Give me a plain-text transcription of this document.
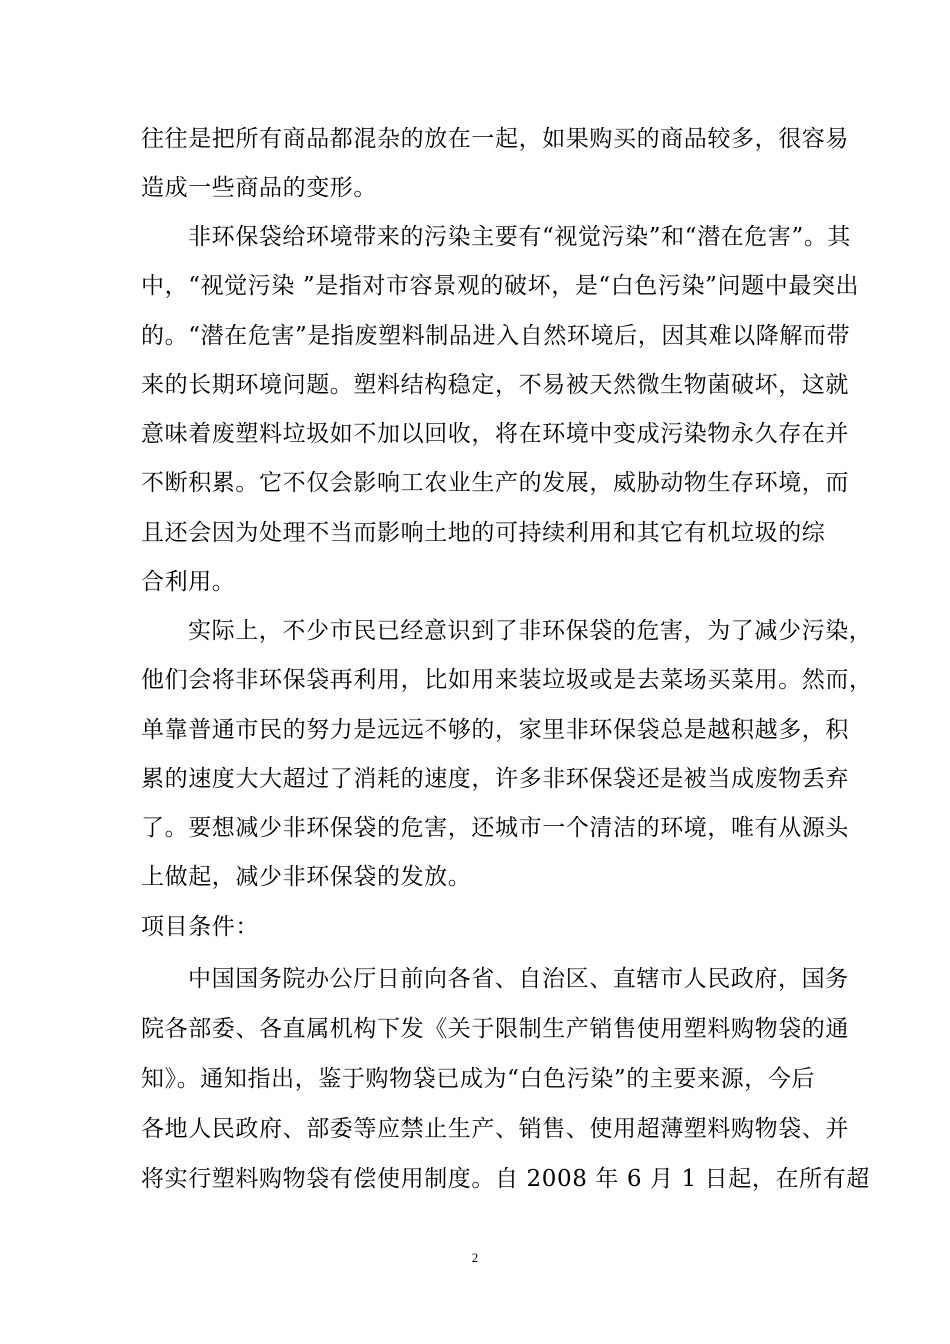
往往是把所有商品都混杂的放在一起，如果购买的商品较多，很容易
造成一些商品的变形。
非环保袋给环境带来的污染主要有“视觉污染”和“潜在危害”。其
中，“视觉污染 ”是指对市容景观的破坏，是“白色污染”问题中最突出
的。“潜在危害”是指废塑料制品进入自然环境后，因其难以降解而带
来的长期环境问题。塑料结构稳定，不易被天然微生物菌破坏，这就
意味着废塑料垃圾如不加以回收，将在环境中变成污染物永久存在并
不断积累。它不仅会影响工农业生产的发展，威胁动物生存环境，而
且还会因为处理不当而影响土地的可持续利用和其它有机垃圾的综
合利用。
实际上，不少市民已经意识到了非环保袋的危害，为了减少污染，
他们会将非环保袋再利用，比如用来装垃圾或是去菜场买菜用。然而，
单靠普通市民的努力是远远不够的，家里非环保袋总是越积越多，积
累的速度大大超过了消耗的速度，许多非环保袋还是被当成废物丢弃
了。要想减少非环保袋的危害，还城市一个清洁的环境，唯有从源头
上做起，减少非环保袋的发放。
项目条件：
中国国务院办公厅日前向各省、自治区、直辖市人民政府，国务
院各部委、各直属机构下发《关于限制生产销售使用塑料购物袋的通
知》。通知指出，鉴于购物袋已成为“白色污染”的主要来源，今后
各地人民政府、部委等应禁止生产、销售、使用超薄塑料购物袋、并
将实行塑料购物袋有偿使用制度。自 2008 年 6 月 1 日起，在所有超
2
